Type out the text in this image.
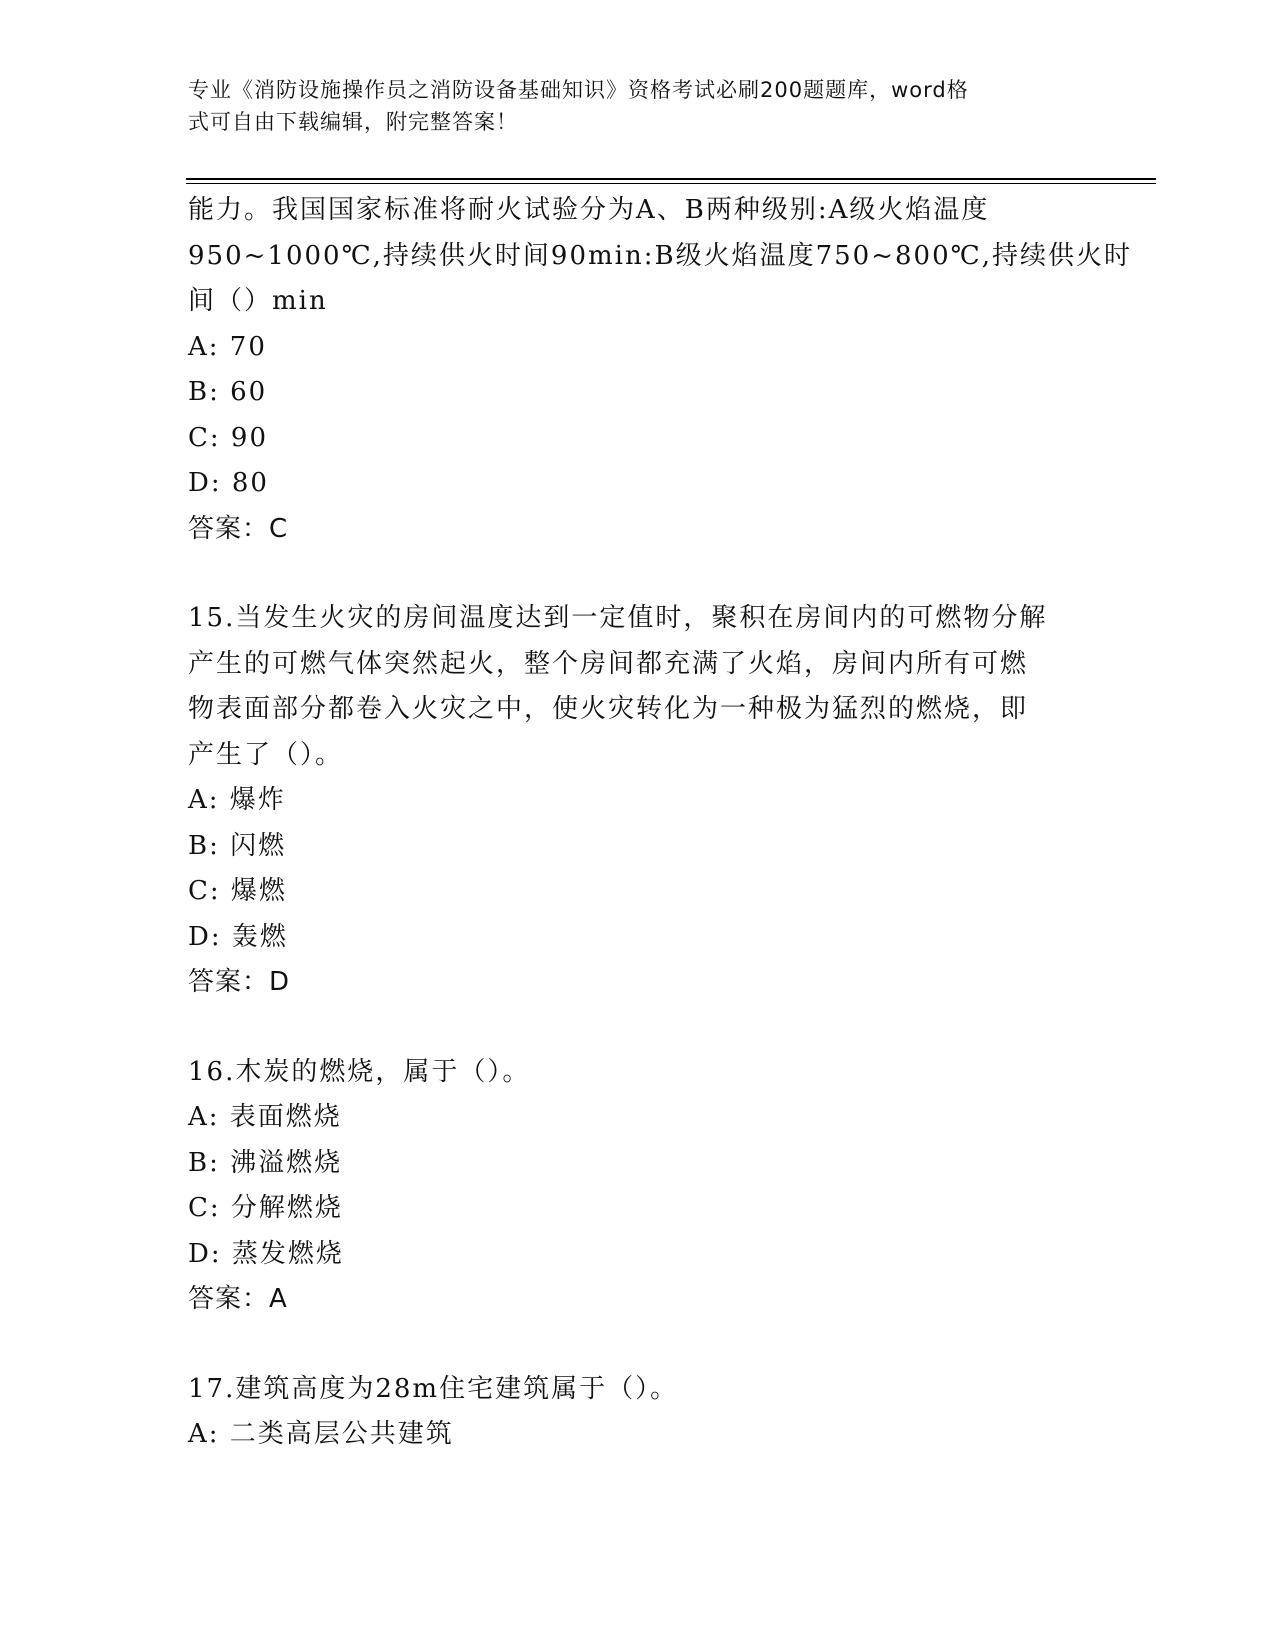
专业《消防设施操作员之消防设备基础知识》资格考试必刷200题题库，word格
式可自由下载编辑，附完整答案！
能力。我国国家标准将耐火试验分为A、B两种级别:A级火焰温度
950~1000℃,持续供火时间90min:B级火焰温度750~800℃,持续供火时
间（）min
A: 70
B: 60
C: 90
D: 80
答案：C
15.当发生火灾的房间温度达到一定值时，聚积在房间内的可燃物分解
产生的可燃气体突然起火，整个房间都充满了火焰，房间内所有可燃
物表面部分都卷入火灾之中，使火灾转化为一种极为猛烈的燃烧，即
产生了（）。
A: 爆炸
B: 闪燃
C: 爆燃
D: 轰燃
答案：D
16.木炭的燃烧，属于（）。
A: 表面燃烧
B: 沸溢燃烧
C: 分解燃烧
D: 蒸发燃烧
答案：A
17.建筑高度为28m住宅建筑属于（）。
A: 二类高层公共建筑
